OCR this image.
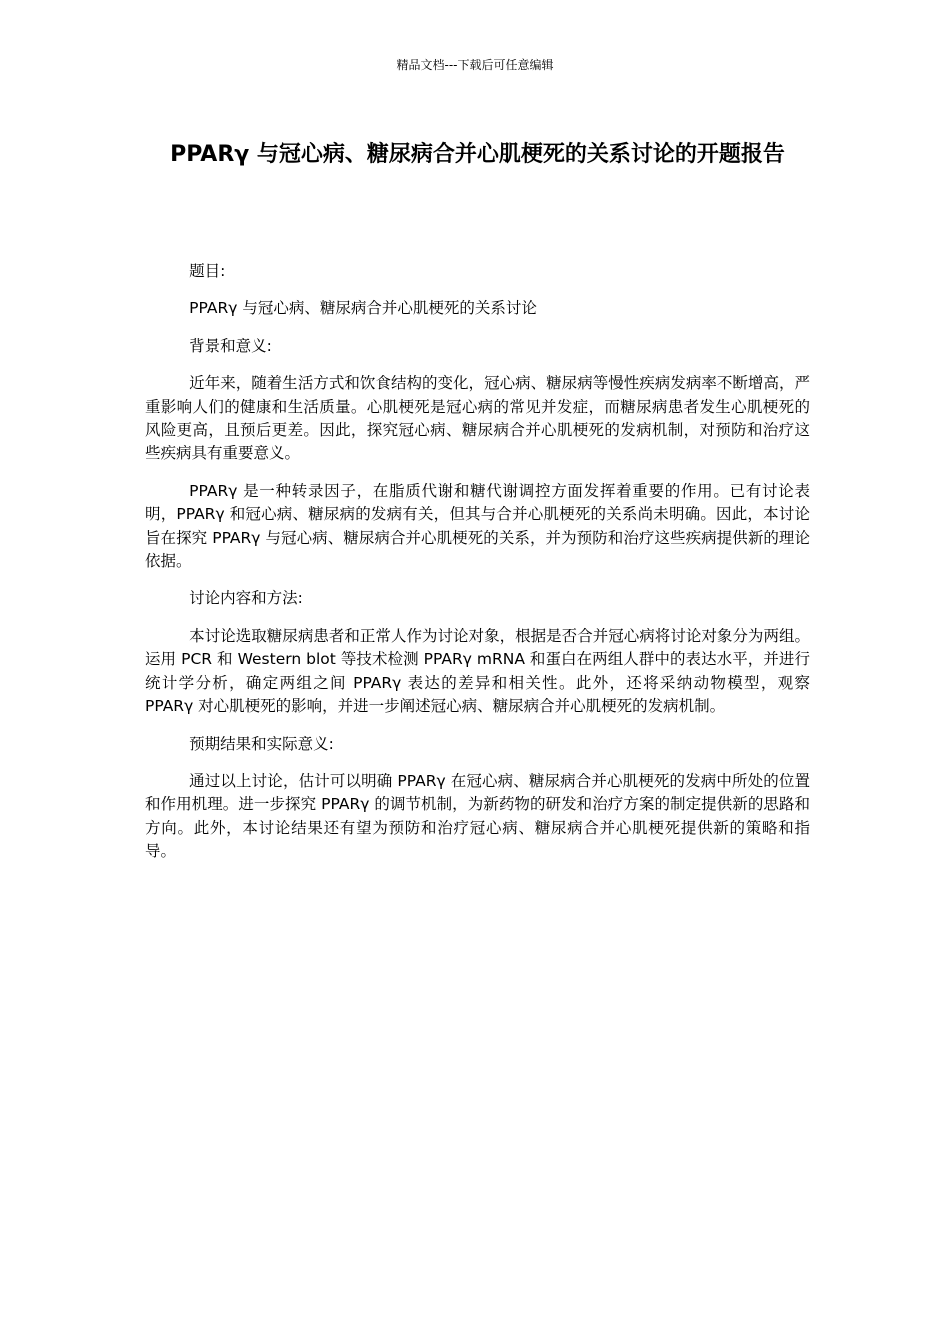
精品文档---下载后可任意编辑
PPARγ 与冠心病、糖尿病合并心肌梗死的关系讨论的开题报告

题目:

PPARγ 与冠心病、糖尿病合并心肌梗死的关系讨论

背景和意义:

近年来，随着生活方式和饮食结构的变化，冠心病、糖尿病等慢性疾病发病率不断增高，严重影响人们的健康和生活质量。心肌梗死是冠心病的常见并发症，而糖尿病患者发生心肌梗死的风险更高，且预后更差。因此，探究冠心病、糖尿病合并心肌梗死的发病机制，对预防和治疗这些疾病具有重要意义。

PPARγ 是一种转录因子，在脂质代谢和糖代谢调控方面发挥着重要的作用。已有讨论表明，PPARγ 和冠心病、糖尿病的发病有关，但其与合并心肌梗死的关系尚未明确。因此，本讨论旨在探究 PPARγ 与冠心病、糖尿病合并心肌梗死的关系，并为预防和治疗这些疾病提供新的理论依据。

讨论内容和方法:

本讨论选取糖尿病患者和正常人作为讨论对象，根据是否合并冠心病将讨论对象分为两组。运用 PCR 和 Western blot 等技术检测 PPARγ mRNA 和蛋白在两组人群中的表达水平，并进行统计学分析，确定两组之间 PPARγ 表达的差异和相关性。此外，还将采纳动物模型，观察 PPARγ 对心肌梗死的影响，并进一步阐述冠心病、糖尿病合并心肌梗死的发病机制。

预期结果和实际意义:

通过以上讨论，估计可以明确 PPARγ 在冠心病、糖尿病合并心肌梗死的发病中所处的位置和作用机理。进一步探究 PPARγ 的调节机制，为新药物的研发和治疗方案的制定提供新的思路和方向。此外，本讨论结果还有望为预防和治疗冠心病、糖尿病合并心肌梗死提供新的策略和指导。
